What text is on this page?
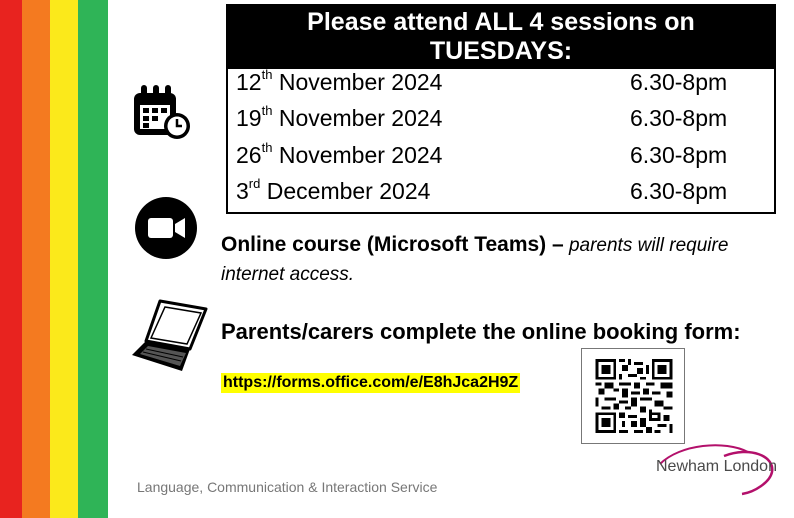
Please attend ALL 4 sessions on TUESDAYS:
12th November 2024	6.30-8pm
19th November 2024	6.30-8pm
26th November 2024	6.30-8pm
3rd December 2024	6.30-8pm
Online course (Microsoft Teams) – parents will require internet access.
Parents/carers complete the online booking form:
https://forms.office.com/e/E8hJca2H9Z
Language, Communication & Interaction Service
Newham London
